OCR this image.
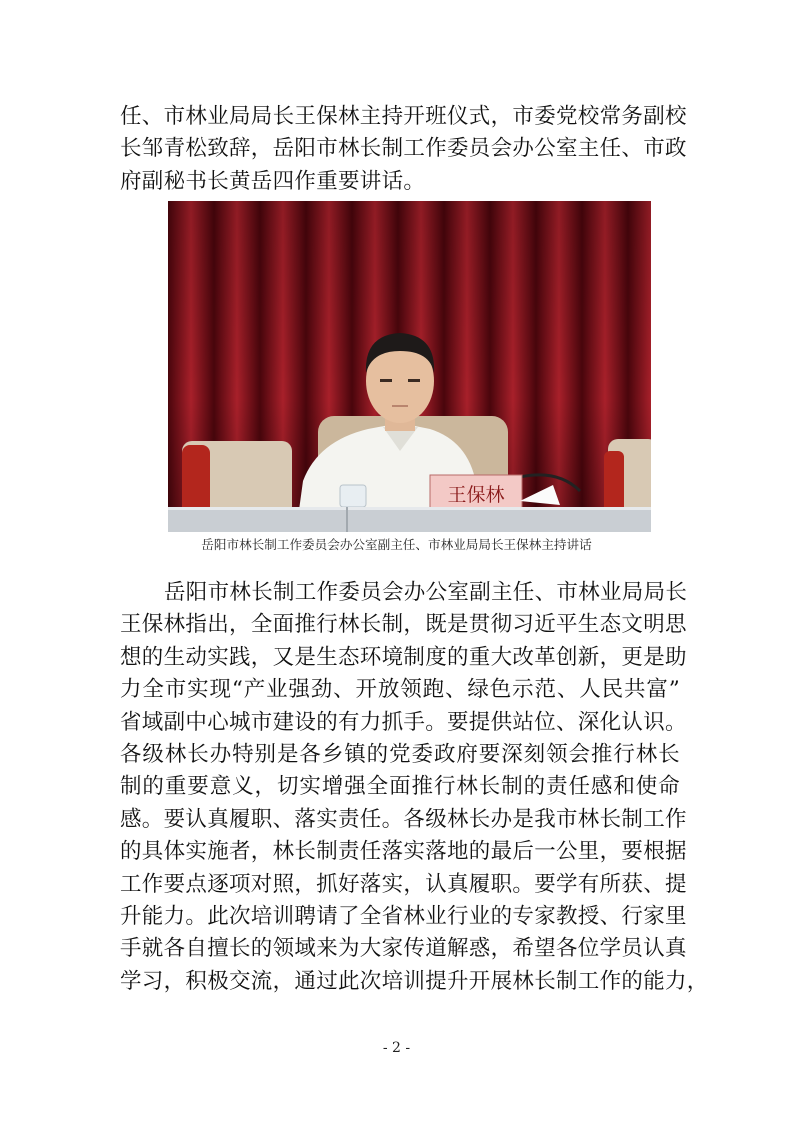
任、市林业局局长王保林主持开班仪式，市委党校常务副校
长邹青松致辞，岳阳市林长制工作委员会办公室主任、市政
府副秘书长黄岳四作重要讲话。
王保林
岳阳市林长制工作委员会办公室副主任、市林业局局长王保林主持讲话
岳阳市林长制工作委员会办公室副主任、市林业局局长
王保林指出，全面推行林长制，既是贯彻习近平生态文明思
想的生动实践，又是生态环境制度的重大改革创新，更是助
力全市实现“产业强劲、开放领跑、绿色示范、人民共富”
省域副中心城市建设的有力抓手。要提供站位、深化认识。
各级林长办特别是各乡镇的党委政府要深刻领会推行林长
制的重要意义，切实增强全面推行林长制的责任感和使命
感。要认真履职、落实责任。各级林长办是我市林长制工作
的具体实施者，林长制责任落实落地的最后一公里，要根据
工作要点逐项对照，抓好落实，认真履职。要学有所获、提
升能力。此次培训聘请了全省林业行业的专家教授、行家里
手就各自擅长的领域来为大家传道解惑，希望各位学员认真
学习，积极交流，通过此次培训提升开展林长制工作的能力，
- 2 -
